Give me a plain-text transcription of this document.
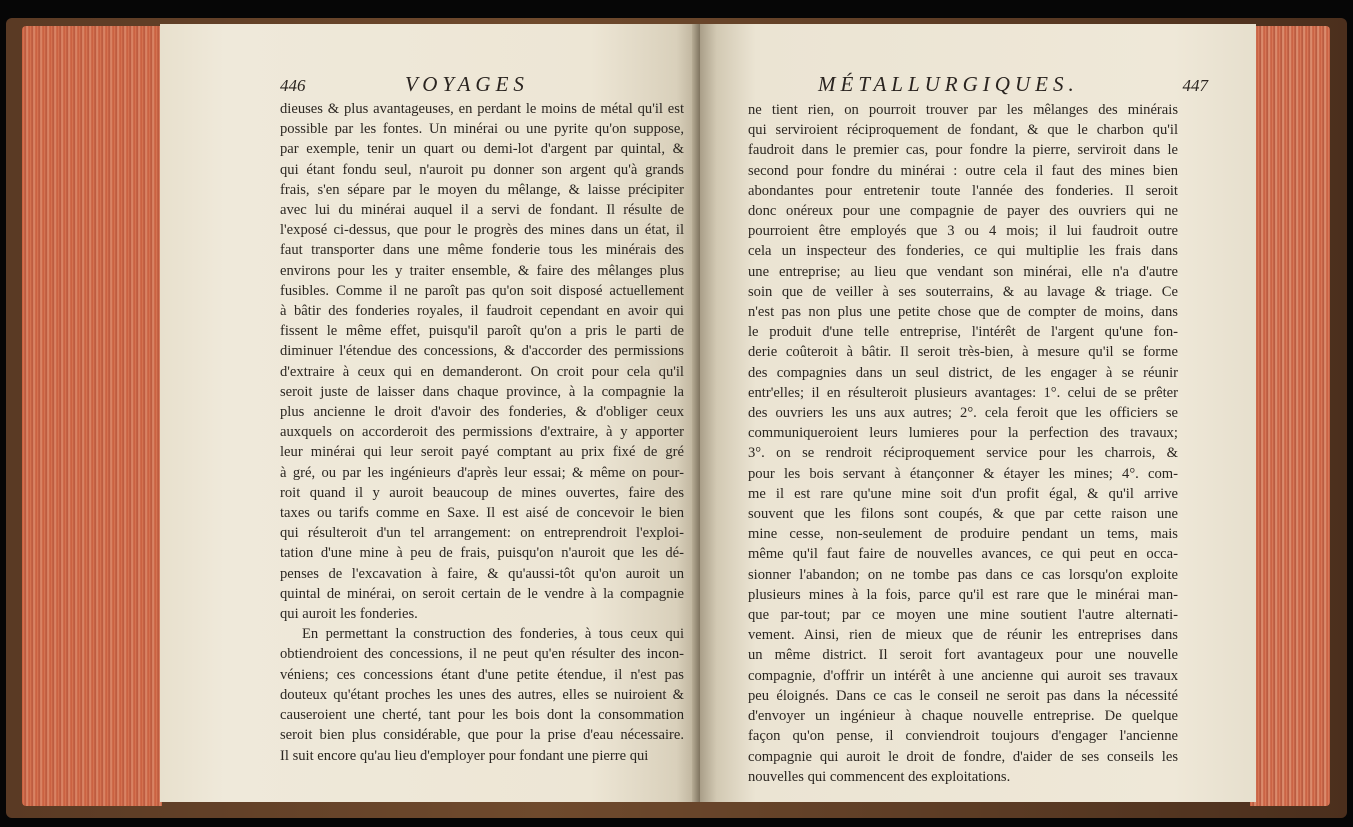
446	VOYAGES
dieuses & plus avantageuses, en perdant le moins de métal qu'il est
possible par les fontes. Un minérai ou une pyrite qu'on suppose,
par exemple, tenir un quart ou demi-lot d'argent par quintal, &
qui étant fondu seul, n'auroit pu donner son argent qu'à grands
frais, s'en sépare par le moyen du mêlange, & laisse précipiter
avec lui du minérai auquel il a servi de fondant. Il résulte de
l'exposé ci-dessus, que pour le progrès des mines dans un état, il
faut transporter dans une même fonderie tous les minérais des
environs pour les y traiter ensemble, & faire des mêlanges plus
fusibles. Comme il ne paroît pas qu'on soit disposé actuellement
à bâtir des fonderies royales, il faudroit cependant en avoir qui
fissent le même effet, puisqu'il paroît qu'on a pris le parti de
diminuer l'étendue des concessions, & d'accorder des permissions
d'extraire à ceux qui en demanderont. On croit pour cela qu'il
seroit juste de laisser dans chaque province, à la compagnie la
plus ancienne le droit d'avoir des fonderies, & d'obliger ceux
auxquels on accorderoit des permissions d'extraire, à y apporter
leur minérai qui leur seroit payé comptant au prix fixé de gré
à gré, ou par les ingénieurs d'après leur essai; & même on pour-
roit quand il y auroit beaucoup de mines ouvertes, faire des
taxes ou tarifs comme en Saxe. Il est aisé de concevoir le bien
qui résulteroit d'un tel arrangement: on entreprendroit l'exploi-
tation d'une mine à peu de frais, puisqu'on n'auroit que les dé-
penses de l'excavation à faire, & qu'aussi-tôt qu'on auroit un
quintal de minérai, on seroit certain de le vendre à la compagnie
qui auroit les fonderies.
En permettant la construction des fonderies, à tous ceux qui
obtiendroient des concessions, il ne peut qu'en résulter des incon-
véniens; ces concessions étant d'une petite étendue, il n'est pas
douteux qu'étant proches les unes des autres, elles se nuiroient &
causeroient une cherté, tant pour les bois dont la consommation
seroit bien plus considérable, que pour la prise d'eau nécessaire.
Il suit encore qu'au lieu d'employer pour fondant une pierre qui
MÉTALLURGIQUES.	447
ne tient rien, on pourroit trouver par les mêlanges des minérais
qui serviroient réciproquement de fondant, & que le charbon qu'il
faudroit dans le premier cas, pour fondre la pierre, serviroit dans le
second pour fondre du minérai : outre cela il faut des mines bien
abondantes pour entretenir toute l'année des fonderies. Il seroit
donc onéreux pour une compagnie de payer des ouvriers qui ne
pourroient être employés que 3 ou 4 mois; il lui faudroit outre
cela un inspecteur des fonderies, ce qui multiplie les frais dans
une entreprise; au lieu que vendant son minérai, elle n'a d'autre
soin que de veiller à ses souterrains, & au lavage & triage. Ce
n'est pas non plus une petite chose que de compter de moins, dans
le produit d'une telle entreprise, l'intérêt de l'argent qu'une fon-
derie coûteroit à bâtir. Il seroit très-bien, à mesure qu'il se forme
des compagnies dans un seul district, de les engager à se réunir
entr'elles; il en résulteroit plusieurs avantages: 1°. celui de se prêter
des ouvriers les uns aux autres; 2°. cela feroit que les officiers se
communiqueroient leurs lumieres pour la perfection des travaux;
3°. on se rendroit réciproquement service pour les charrois, &
pour les bois servant à étançonner & étayer les mines; 4°. com-
me il est rare qu'une mine soit d'un profit égal, & qu'il arrive
souvent que les filons sont coupés, & que par cette raison une
mine cesse, non-seulement de produire pendant un tems, mais
même qu'il faut faire de nouvelles avances, ce qui peut en occa-
sionner l'abandon; on ne tombe pas dans ce cas lorsqu'on exploite
plusieurs mines à la fois, parce qu'il est rare que le minérai man-
que par-tout; par ce moyen une mine soutient l'autre alternati-
vement. Ainsi, rien de mieux que de réunir les entreprises dans
un même district. Il seroit fort avantageux pour une nouvelle
compagnie, d'offrir un intérêt à une ancienne qui auroit ses travaux
peu éloignés. Dans ce cas le conseil ne seroit pas dans la nécessité
d'envoyer un ingénieur à chaque nouvelle entreprise. De quelque
façon qu'on pense, il conviendroit toujours d'engager l'ancienne
compagnie qui auroit le droit de fondre, d'aider de ses conseils les
nouvelles qui commencent des exploitations.
